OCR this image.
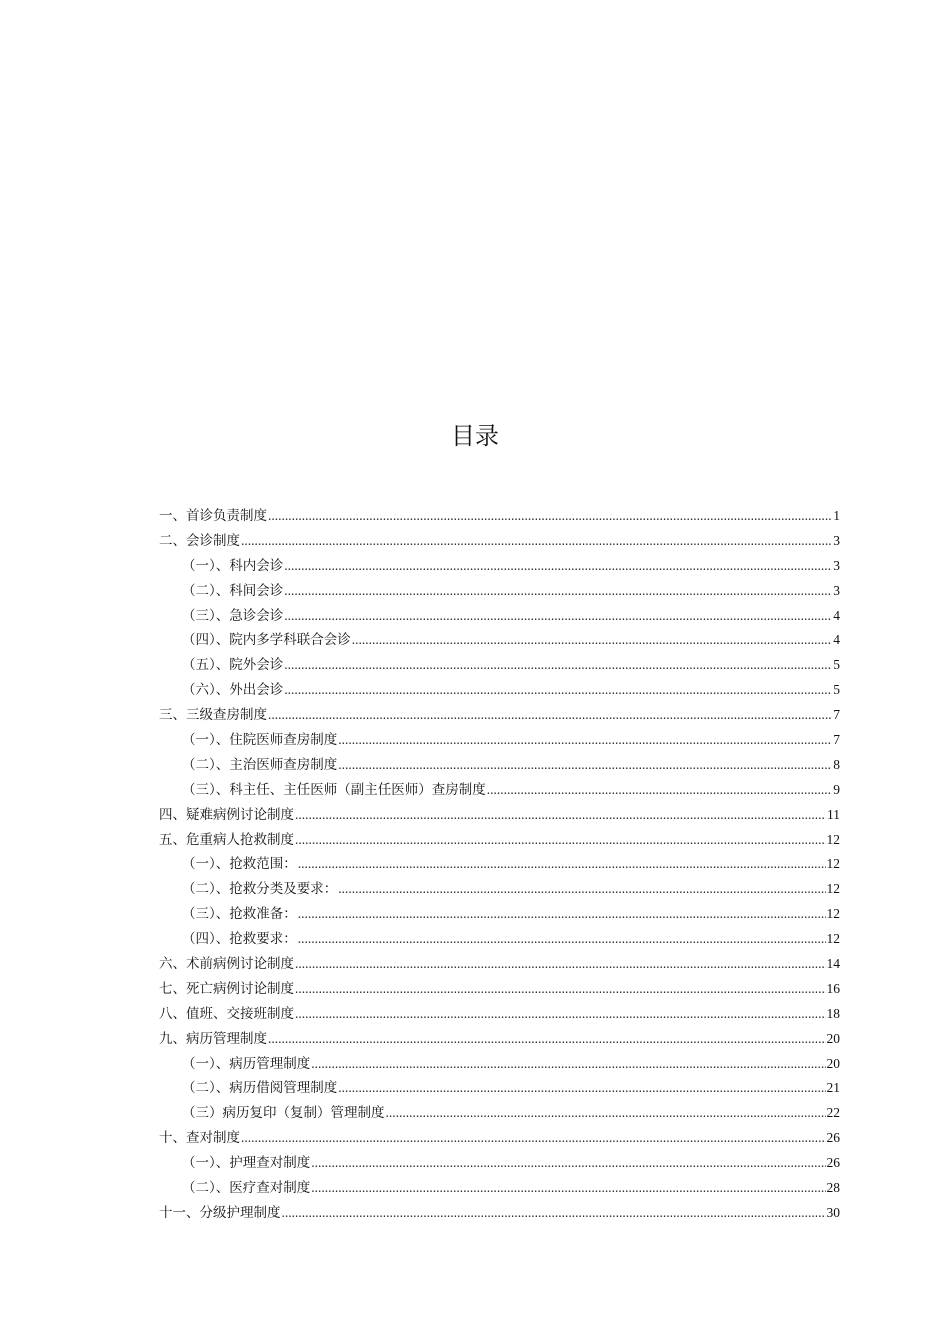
目录
一、首诊负责制度 .....	1
二、会诊制度 .....	3
（一）、科内会诊 .....	3
（二）、科间会诊 .....	3
（三）、急诊会诊 .....	4
（四）、院内多学科联合会诊 .....	4
（五）、院外会诊 .....	5
（六）、外出会诊 .....	5
三、三级查房制度 .....	7
（一）、住院医师查房制度 .....	7
（二）、主治医师查房制度 .....	8
（三）、科主任、主任医师（副主任医师）查房制度 .....	9
四、疑难病例讨论制度 .....	11
五、危重病人抢救制度 .....	12
（一）、抢救范围： .....	12
（二）、抢救分类及要求： .....	12
（三）、抢救准备： .....	12
（四）、抢救要求： .....	12
六、术前病例讨论制度 .....	14
七、死亡病例讨论制度 .....	16
八、值班、交接班制度 .....	18
九、病历管理制度 .....	20
（一）、病历管理制度 .....	20
（二）、病历借阅管理制度 .....	21
（三）病历复印（复制）管理制度 .....	22
十、查对制度 .....	26
（一）、护理查对制度 .....	26
（二）、医疗查对制度 .....	28
十一、分级护理制度 .....	30
